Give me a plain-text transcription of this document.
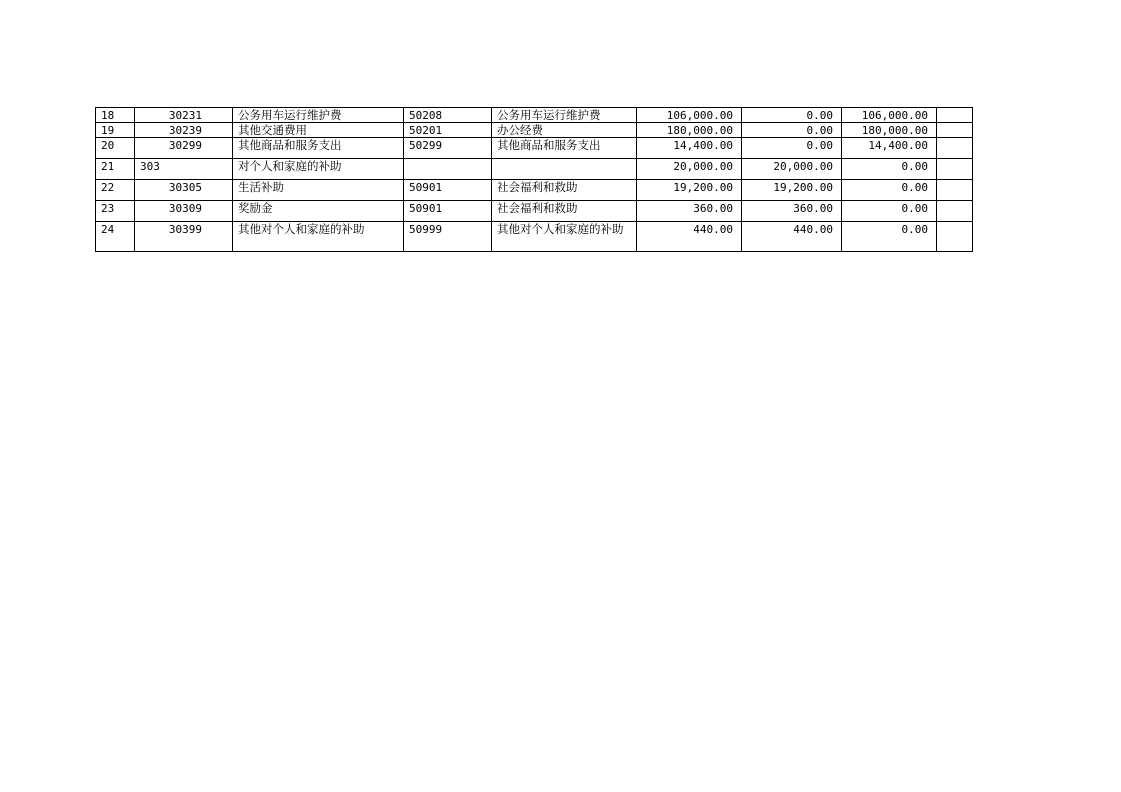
18	30231	公务用车运行维护费	50208	公务用车运行维护费	106,000.00	0.00	106,000.00	
19	30239	其他交通费用	50201	办公经费	180,000.00	0.00	180,000.00	
20	30299	其他商品和服务支出	50299	其他商品和服务支出	14,400.00	0.00	14,400.00	
21	303	对个人和家庭的补助			20,000.00	20,000.00	0.00	
22	30305	生活补助	50901	社会福利和救助	19,200.00	19,200.00	0.00	
23	30309	奖励金	50901	社会福利和救助	360.00	360.00	0.00	
24	30399	其他对个人和家庭的补助	50999	其他对个人和家庭的补助	440.00	440.00	0.00	
